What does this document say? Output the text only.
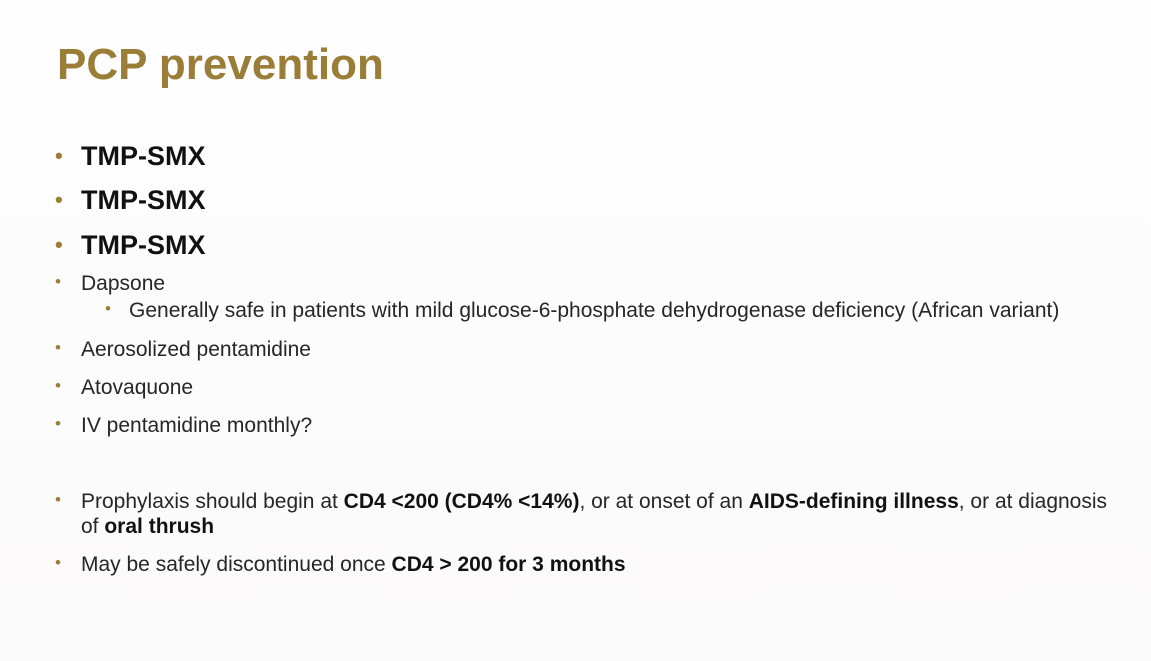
PCP prevention
• TMP-SMX
• TMP-SMX
• TMP-SMX
• Dapsone
• Generally safe in patients with mild glucose-6-phosphate dehydrogenase deficiency (African variant)
• Aerosolized pentamidine
• Atovaquone
• IV pentamidine monthly?
• Prophylaxis should begin at CD4 <200 (CD4% <14%), or at onset of an AIDS-defining illness, or at diagnosis of oral thrush
• May be safely discontinued once CD4 > 200 for 3 months
